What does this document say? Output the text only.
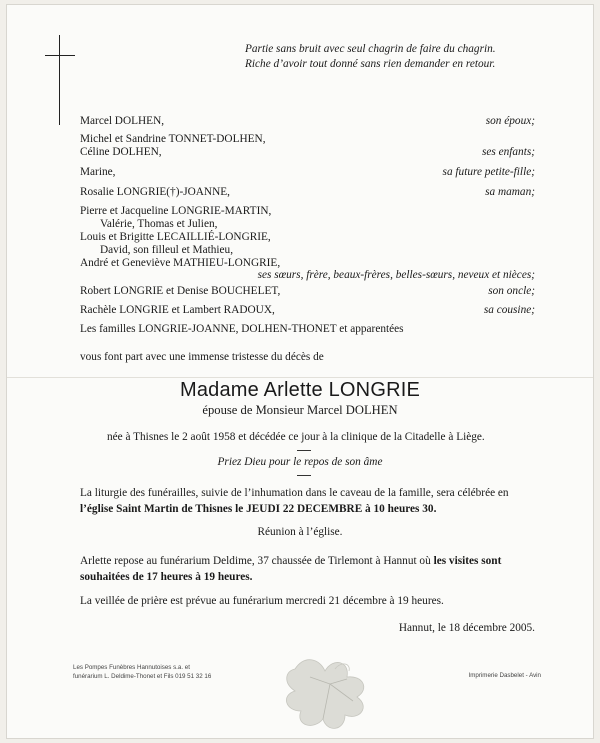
Partie sans bruit avec seul chagrin de faire du chagrin.
Riche d’avoir tout donné sans rien demander en retour.
Marcel DOLHEN,	son époux;
Michel et Sandrine TONNET-DOLHEN,
Céline DOLHEN,	ses enfants;
Marine,	sa future petite-fille;
Rosalie LONGRIE(†)-JOANNE,	sa maman;
Pierre et Jacqueline LONGRIE-MARTIN,
Valérie, Thomas et Julien,
Louis et Brigitte LECAILLIÉ-LONGRIE,
David, son filleul et Mathieu,
André et Geneviève MATHIEU-LONGRIE,
ses sœurs, frère, beaux-frères, belles-sœurs, neveux et nièces;
Robert LONGRIE et Denise BOUCHELET,	son oncle;
Rachèle LONGRIE et Lambert RADOUX,	sa cousine;
Les familles LONGRIE-JOANNE, DOLHEN-THONET et apparentées
vous font part avec une immense tristesse du décès de
Madame Arlette LONGRIE
épouse de Monsieur Marcel DOLHEN
née à Thisnes le 2 août 1958 et décédée ce jour à la clinique de la Citadelle à Liège.
Priez Dieu pour le repos de son âme
La liturgie des funérailles, suivie de l’inhumation dans le caveau de la famille, sera célébrée en
l’église Saint Martin de Thisnes le JEUDI 22 DECEMBRE à 10 heures 30.
Réunion à l’église.
Arlette repose au funérarium Deldime, 37 chaussée de Tirlemont à Hannut où les visites sont
souhaitées de 17 heures à 19 heures.
La veillée de prière est prévue au funérarium mercredi 21 décembre à 19 heures.
Hannut, le 18 décembre 2005.
Les Pompes Funèbres Hannutoises s.a. et
funérarium L. Deldime-Thonet et Fils 019 51 32 16	Imprimerie Dasbelet - Avin
